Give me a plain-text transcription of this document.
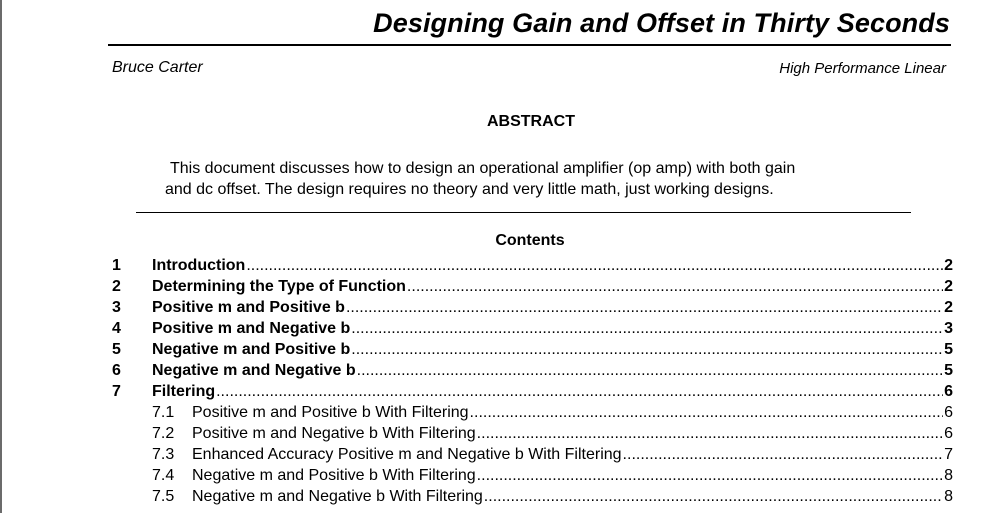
Designing Gain and Offset in Thirty Seconds
Bruce Carter	High Performance Linear
ABSTRACT
This document discusses how to design an operational amplifier (op amp) with both gain
and dc offset. The design requires no theory and very little math, just working designs.
Contents
1	Introduction .....	2
2	Determining the Type of Function .....	2
3	Positive m and Positive b .....	2
4	Positive m and Negative b .....	3
5	Negative m and Positive b .....	5
6	Negative m and Negative b .....	5
7	Filtering .....	6
7.1	Positive m and Positive b With Filtering .....	6
7.2	Positive m and Negative b With Filtering .....	6
7.3	Enhanced Accuracy Positive m and Negative b With Filtering .....	7
7.4	Negative m and Positive b With Filtering .....	8
7.5	Negative m and Negative b With Filtering .....	8
